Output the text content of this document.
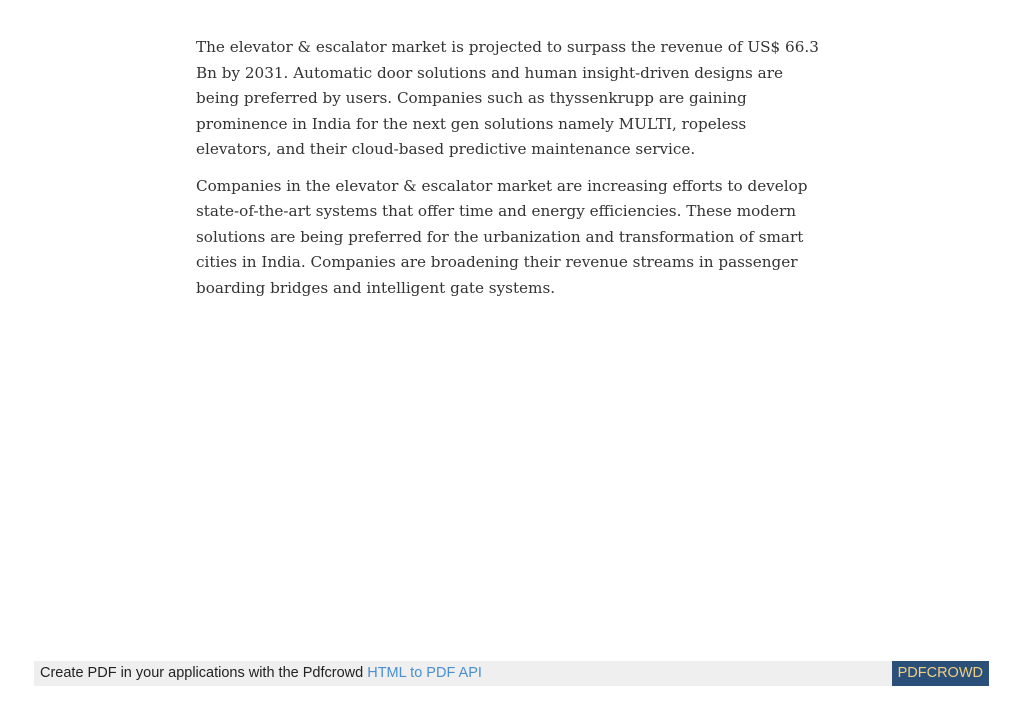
The elevator & escalator market is projected to surpass the revenue of US$ 66.3 Bn by 2031. Automatic door solutions and human insight-driven designs are being preferred by users. Companies such as thyssenkrupp are gaining prominence in India for the next gen solutions namely MULTI, ropeless elevators, and their cloud-based predictive maintenance service.

Companies in the elevator & escalator market are increasing efforts to develop state-of-the-art systems that offer time and energy efficiencies. These modern solutions are being preferred for the urbanization and transformation of smart cities in India. Companies are broadening their revenue streams in passenger boarding bridges and intelligent gate systems.

Create PDF in your applications with the Pdfcrowd HTML to PDF API	PDFCROWD
